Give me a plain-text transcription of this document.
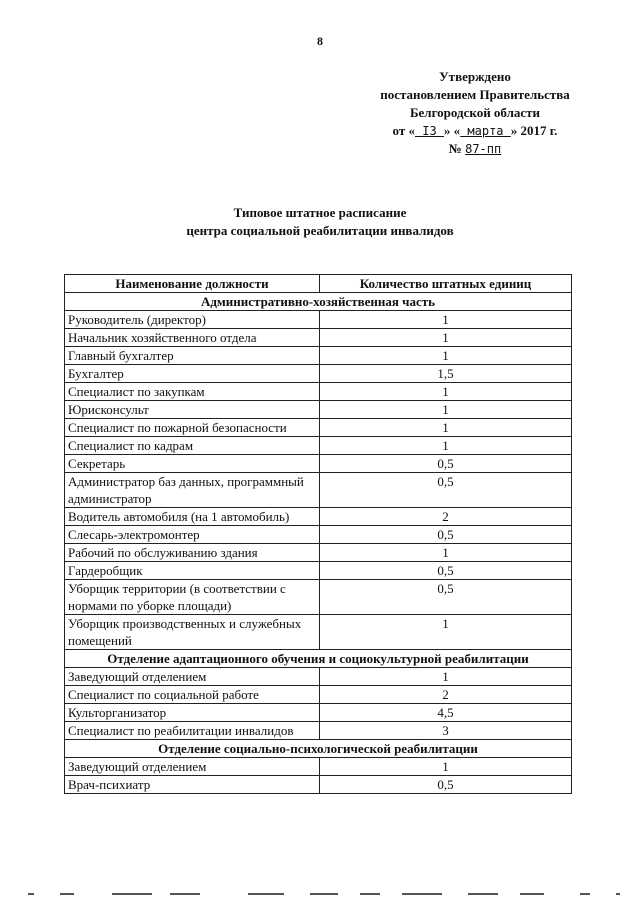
8
Утверждено
постановлением Правительства
Белгородской области
от « I3 » « марта » 2017 г.
№ 87-пп
Типовое штатное расписание
центра социальной реабилитации инвалидов
Наименование должности	Количество штатных единиц
Административно-хозяйственная часть	
Руководитель (директор)	1
Начальник хозяйственного отдела	1
Главный бухгалтер	1
Бухгалтер	1,5
Специалист по закупкам	1
Юрисконсульт	1
Специалист по пожарной безопасности	1
Специалист по кадрам	1
Секретарь	0,5
Администратор баз данных, программный администратор	0,5
Водитель автомобиля (на 1 автомобиль)	2
Слесарь-электромонтер	0,5
Рабочий по обслуживанию здания	1
Гардеробщик	0,5
Уборщик территории (в соответствии с нормами по уборке площади)	0,5
Уборщик производственных и служебных помещений	1
Отделение адаптационного обучения и социокультурной реабилитации	
Заведующий отделением	1
Специалист по социальной работе	2
Культорганизатор	4,5
Специалист по реабилитации инвалидов	3
Отделение социально-психологической реабилитации	
Заведующий отделением	1
Врач-психиатр	0,5
